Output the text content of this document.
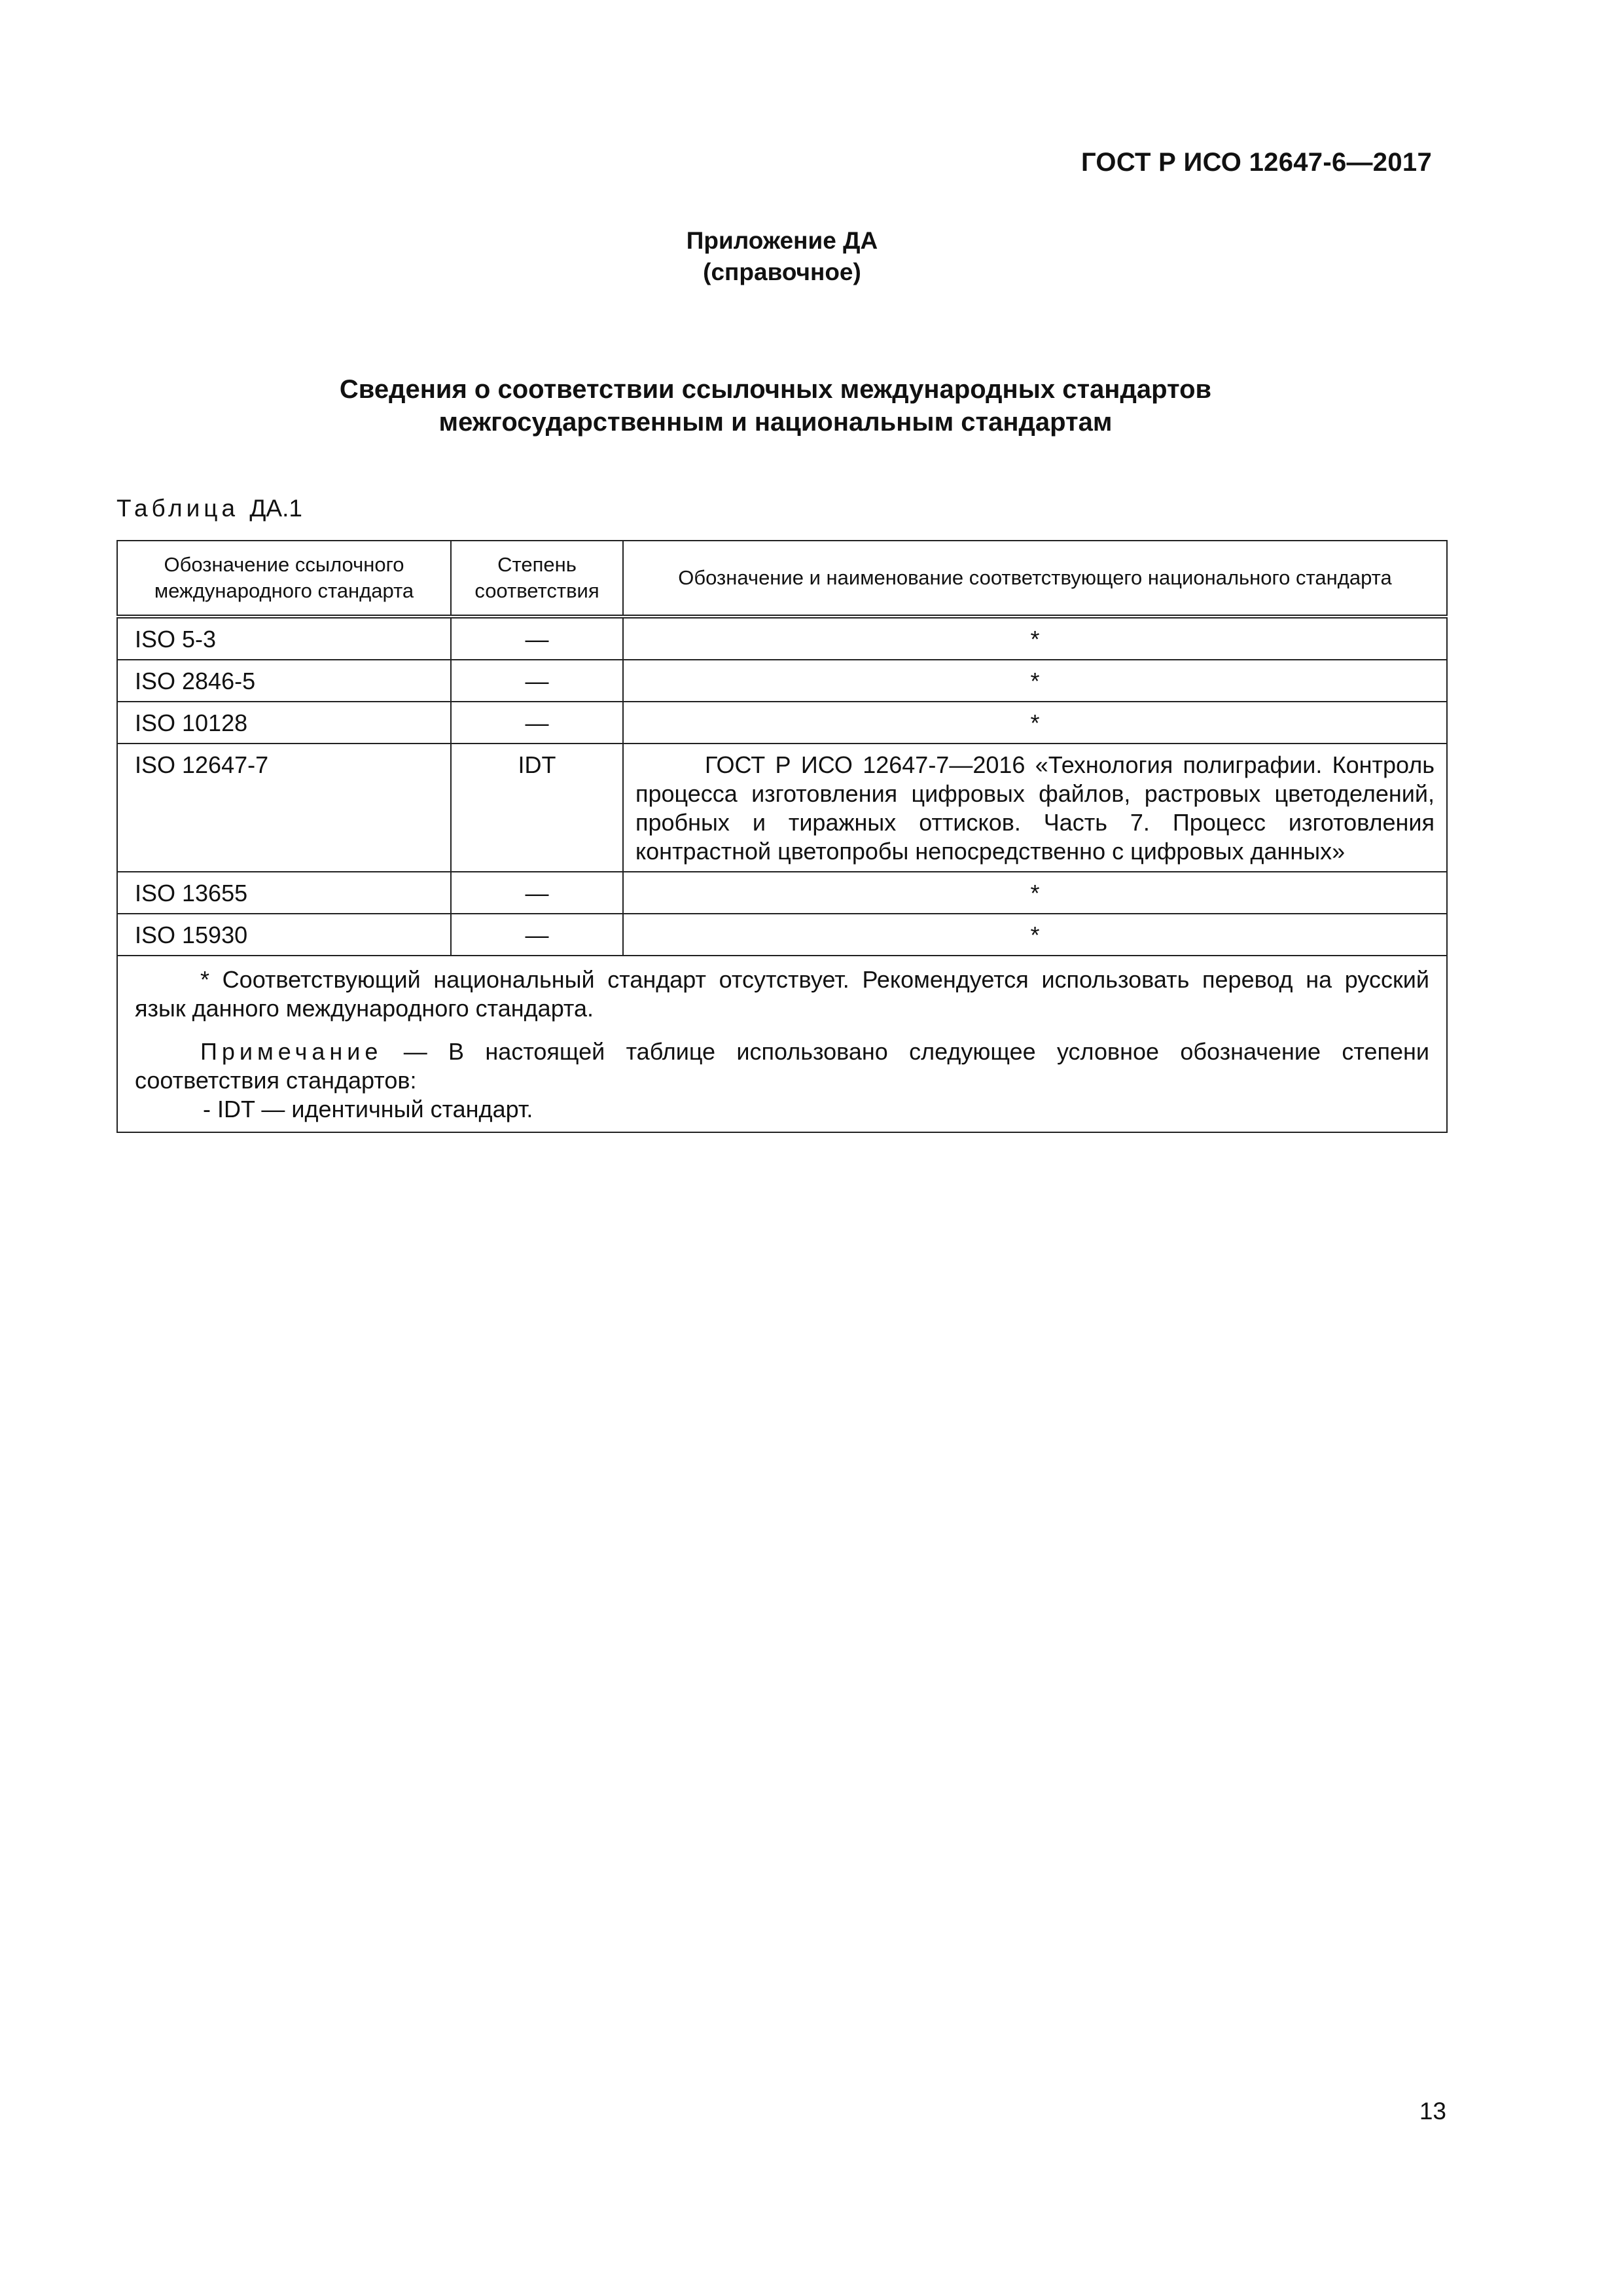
ГОСТ Р ИСО 12647-6—2017
Приложение ДА
(справочное)
Сведения о соответствии ссылочных международных стандартов
межгосударственным и национальным стандартам
Таблица ДА.1
Обозначение ссылочного международного стандарта	Степень соответствия	Обозначение и наименование соответствующего национального стандарта
ISO 5-3	—	*
ISO 2846-5	—	*
ISO 10128	—	*
ISO 12647-7	IDT	ГОСТ Р ИСО 12647-7—2016 «Технология полиграфии. Контроль процесса изготовления цифровых файлов, растровых цветоделений, пробных и тиражных оттисков. Часть 7. Процесс изготовления контрастной цветопробы непосредственно с цифровых данных»
ISO 13655	—	*
ISO 15930	—	*

* Соответствующий национальный стандарт отсутствует. Рекомендуется использовать перевод на русский язык данного международного стандарта.
Примечание — В настоящей таблице использовано следующее условное обозначение степени соответствия стандартов:
- IDT — идентичный стандарт.		
13
